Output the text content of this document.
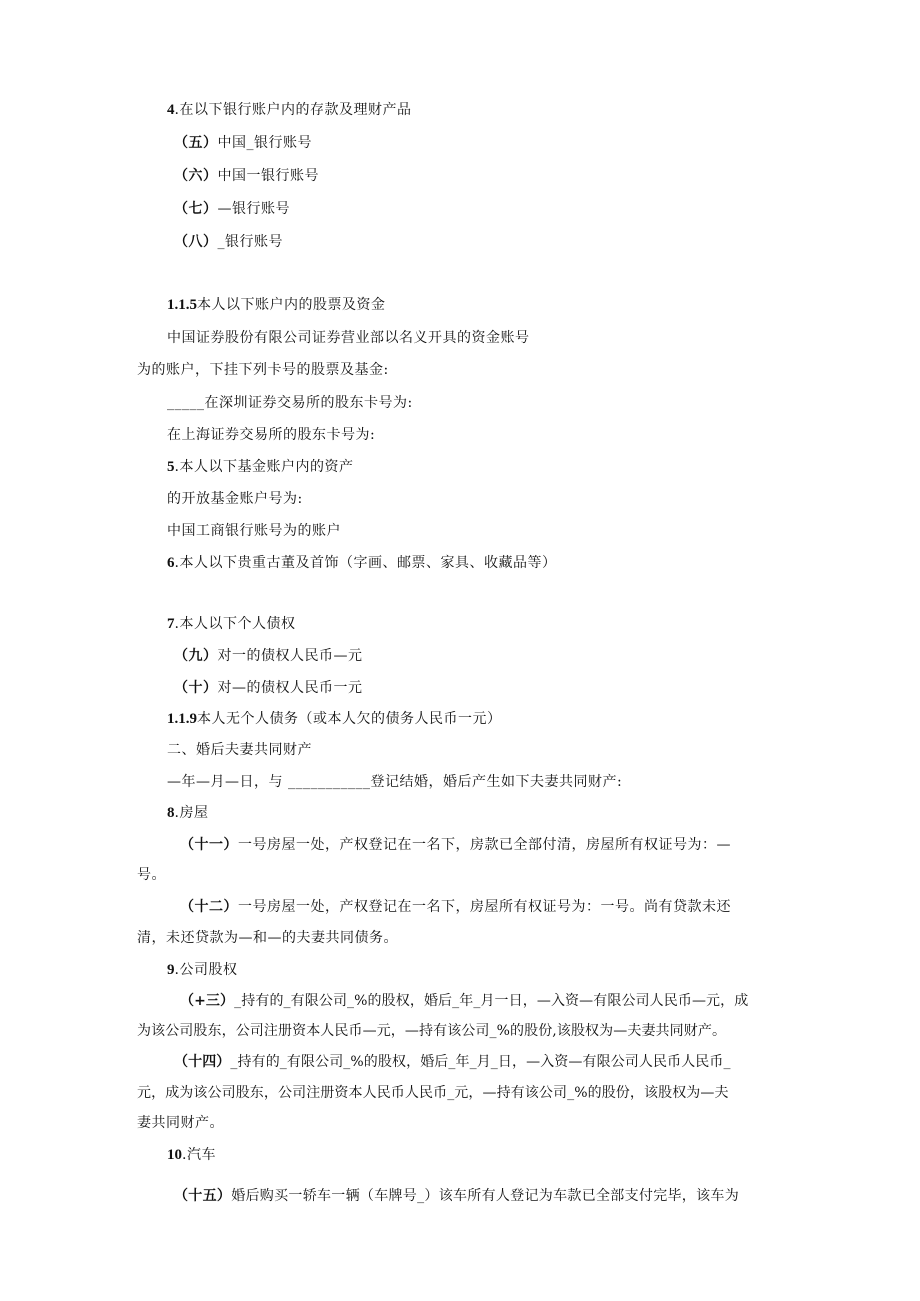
4.在以下银行账户内的存款及理财产品
（五）中国_银行账号
（六）中国一银行账号
（七）—银行账号
（八）_银行账号
1.1.5本人以下账户内的股票及资金
中国证券股份有限公司证券营业部以名义开具的资金账号
为的账户，下挂下列卡号的股票及基金:
_____在深圳证券交易所的股东卡号为:
在上海证券交易所的股东卡号为:
5.本人以下基金账户内的资产
的开放基金账户号为:
中国工商银行账号为的账户
6.本人以下贵重古董及首饰（字画、邮票、家具、收藏品等）
7.本人以下个人债权
（九）对一的债权人民币—元
（十）对—的债权人民币一元
1.1.9本人无个人债务（或本人欠的债务人民币一元）
二、婚后夫妻共同财产
—年—月—日，与 ___________登记结婚，婚后产生如下夫妻共同财产:
8.房屋
（十一）一号房屋一处，产权登记在一名下，房款已全部付清，房屋所有权证号为：—
号。
（十二）一号房屋一处，产权登记在一名下，房屋所有权证号为：一号。尚有贷款未还
清，未还贷款为—和—的夫妻共同债务。
9.公司股权
（+三）_持有的_有限公司_%的股权，婚后_年_月一日，—入资—有限公司人民币—元，成
为该公司股东，公司注册资本人民币—元，—持有该公司_%的股份,该股权为—夫妻共同财产。
（十四）_持有的_有限公司_%的股权，婚后_年_月_日，—入资—有限公司人民币人民币_
元，成为该公司股东，公司注册资本人民币人民币_元，—持有该公司_%的股份，该股权为—夫
妻共同财产。
10.汽车
（十五）婚后购买一轿车一辆（车牌号_）该车所有人登记为车款已全部支付完毕，该车为
